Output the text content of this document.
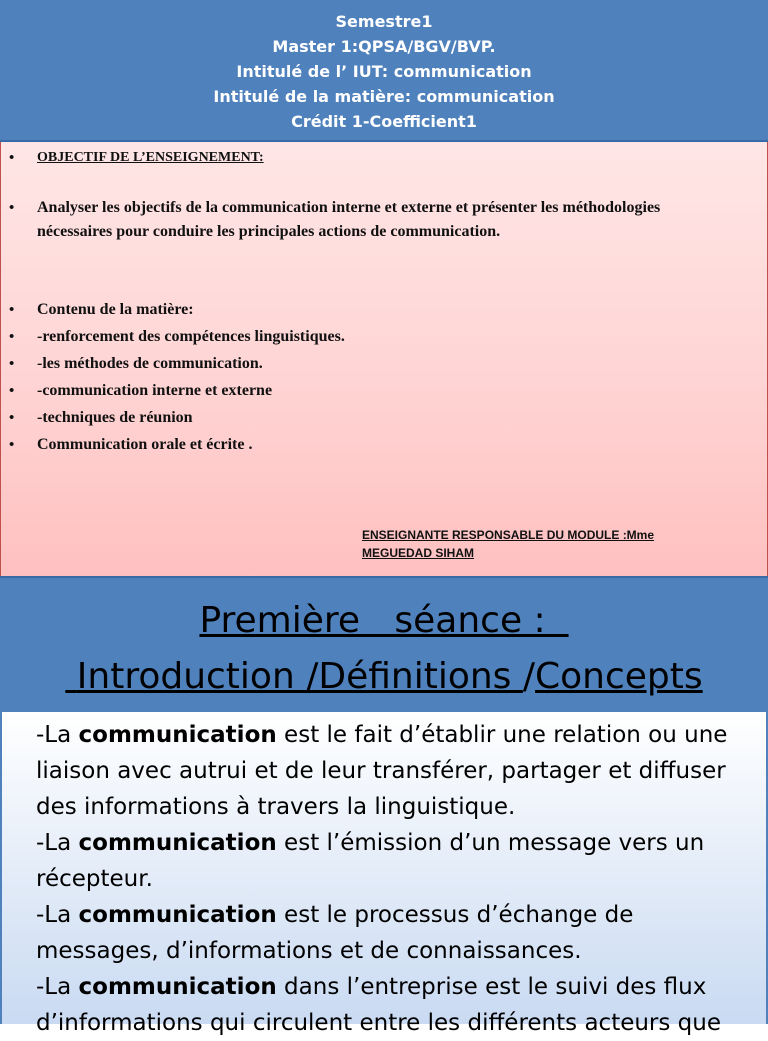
Semestre1
Master 1:QPSA/BGV/BVP.
Intitulé de l’ IUT: communication
Intitulé de la matière: communication
Crédit 1-Coefficient1
• OBJECTIF DE L’ENSEIGNEMENT:
• Analyser les objectifs de la communication interne et externe et présenter les méthodologies nécessaires pour conduire les principales actions de communication.
• Contenu de la matière:
• -renforcement des compétences linguistiques.
• -les méthodes de communication.
• -communication interne et externe
• -techniques de réunion
• Communication orale et écrite .
ENSEIGNANTE RESPONSABLE DU MODULE :Mme
MEGUEDAD SIHAM
Première   séance :
Introduction /Définitions /Concepts

-La communication est le fait d’établir une relation ou une liaison avec autrui et de leur transférer, partager et diffuser des informations à travers la linguistique.

-La communication est l’émission d’un message vers un récepteur.

-La communication est le processus d’échange de messages, d’informations et de connaissances.

-La communication dans l’entreprise est le suivi des flux d’informations qui circulent entre les différents acteurs que
